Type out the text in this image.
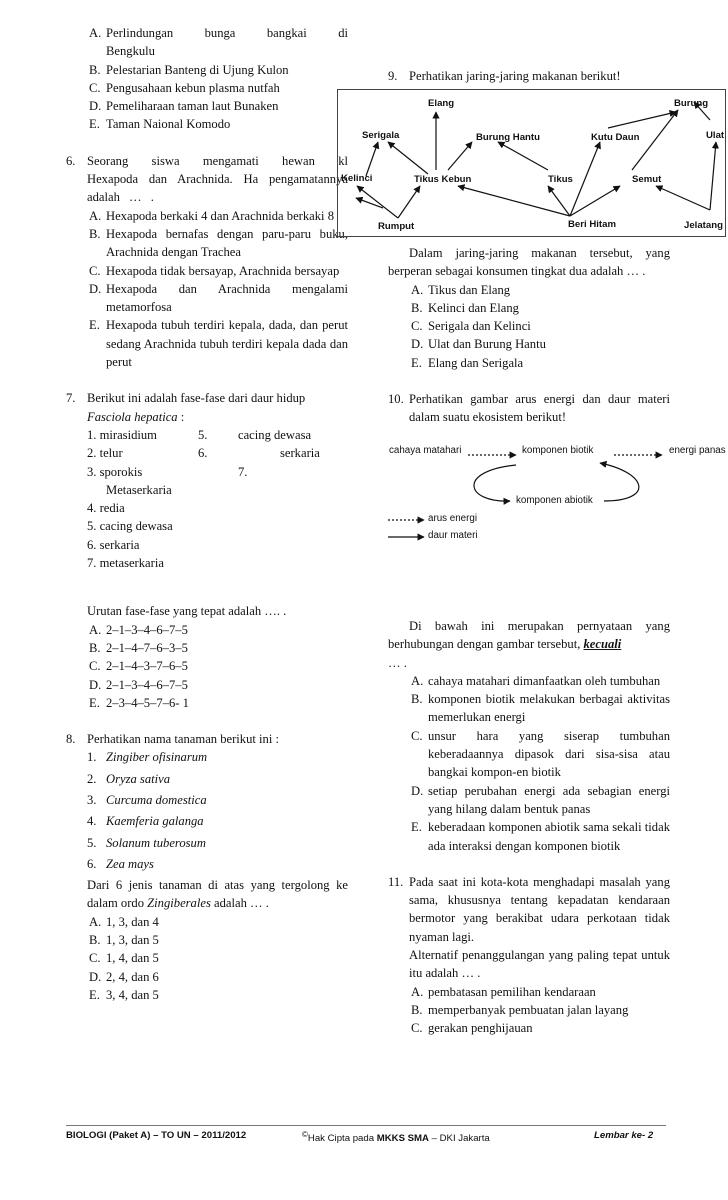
A. Perlindungan bunga bangkai di Bengkulu
B. Pelestarian Banteng di Ujung Kulon
C. Pengusahaan kebun plasma nutfah
D. Pemeliharaan taman laut Bunaken
E. Taman Naional Komodo
6. Seorang siswa mengamati hewan kl Hexapoda dan Arachnida. Ha pengamatannya adalah … .
A. Hexapoda berkaki 4 dan Arachnida berkaki 8
B. Hexapoda bernafas dengan paru-paru buku, Arachnida dengan Trachea
C. Hexapoda tidak bersayap, Arachnida bersayap
D. Hexapoda dan Arachnida mengalami metamorfosa
E. Hexapoda tubuh terdiri kepala, dada, dan perut sedang Arachnida tubuh terdiri kepala dada dan perut
7. Berikut ini adalah fase-fase dari daur hidup
Fasciola hepatica :
1. mirasidium	5.	cacing dewasa
2. telur	6.	serkaria
3. sporokis	7.
Metaserkaria
4. redia
5. cacing dewasa
6. serkaria
7. metaserkaria
Urutan fase-fase yang tepat adalah …. .
A. 2–1–3–4–6–7–5
B. 2–1–4–7–6–3–5
C. 2–1–4–3–7–6–5
D. 2–1–3–4–6–7–5
E. 2–3–4–5–7–6- 1
8. Perhatikan nama tanaman berikut ini :
1. Zingiber ofisinarum
2. Oryza sativa
3. Curcuma domestica
4. Kaemferia galanga
5. Solanum tuberosum
6. Zea mays
Dari 6 jenis tanaman di atas yang tergolong ke dalam ordo Zingiberales adalah … .
A. 1, 3, dan 4
B. 1, 3, dan 5
C. 1, 4, dan 5
D. 2, 4, dan 6
E. 3, 4, dan 5
9. Perhatikan jaring-jaring makanan berikut!
Elang	Burung
Serigala	Burung Hantu	Kutu Daun	Ulat
Kelinci	Tikus Kebun	Tikus	Semut
Rumput	Beri Hitam	Jelatang
Dalam jaring-jaring makanan tersebut, yang berperan sebagai konsumen tingkat dua adalah … .
A. Tikus dan Elang
B. Kelinci dan Elang
C. Serigala dan Kelinci
D. Ulat dan Burung Hantu
E. Elang dan Serigala
10. Perhatikan gambar arus energi dan daur materi dalam suatu ekosistem berikut!
cahaya matahari	komponen biotik	energi panas
komponen abiotik
arus energi
daur materi
Di bawah ini merupakan pernyataan yang berhubungan dengan gambar tersebut, kecuali
… .
A. cahaya matahari dimanfaatkan oleh tumbuhan
B. komponen biotik melakukan berbagai aktivitas memerlukan energi
C. unsur hara yang siserap tumbuhan keberadaannya dipasok dari sisa-sisa atau bangkai kompon-en biotik
D. setiap perubahan energi ada sebagian energi yang hilang dalam bentuk panas
E. keberadaan komponen abiotik sama sekali tidak ada interaksi dengan komponen biotik
11. Pada saat ini kota-kota menghadapi masalah yang sama, khususnya tentang kepadatan kendaraan bermotor yang berakibat udara perkotaan tidak nyaman lagi.
Alternatif penanggulangan yang paling tepat untuk itu adalah … .
A. pembatasan pemilihan kendaraan
B. memperbanyak pembuatan jalan layang
C. gerakan penghijauan
BIOLOGI (Paket A) – TO UN – 2011/2012	©Hak Cipta pada MKKS SMA – DKI Jakarta	Lembar ke- 2
